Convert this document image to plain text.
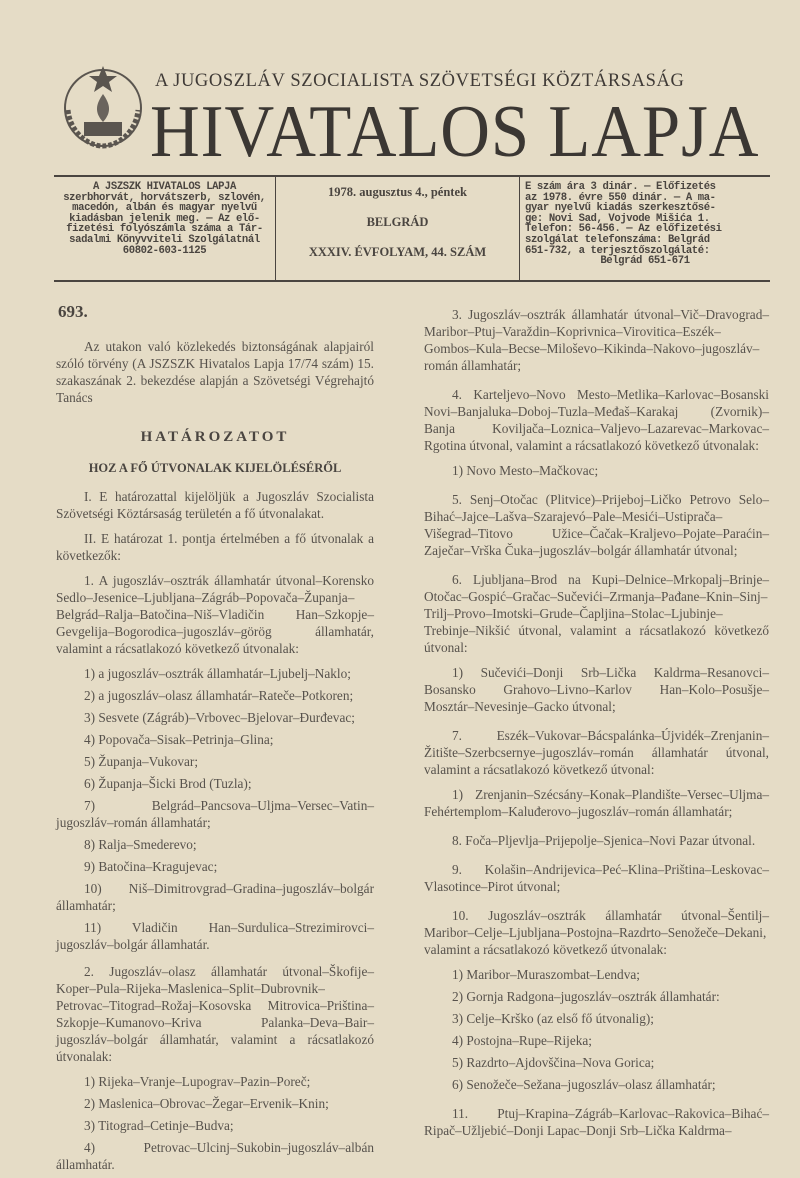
A JUGOSZLÁV SZOCIALISTA SZÖVETSÉGI KÖZTÁRSASÁG
HIVATALOS LAPJA
A JSZSZK HIVATALOS LAPJA
szerbhorvát, horvátszerb, szlovén,
macedón, albán és magyar nyelvű
kiadásban jelenik meg. — Az elő-
fizetési folyószámla száma a Tár-
sadalmi Könyvviteli Szolgálatnál
60802-603-1125
1978. augusztus 4., péntek
BELGRÁD
XXXIV. ÉVFOLYAM, 44. SZÁM
E szám ára 3 dinár. — Előfizetés
az 1978. évre 550 dinár. — A ma-
gyar nyelvű kiadás szerkesztősé-
ge: Novi Sad, Vojvode Mišića 1.
Telefon: 56-456. — Az előfizetési
szolgálat telefonszáma: Belgrád
651-732, a terjesztőszolgálaté:
Belgrád 651-671
693.

Az utakon való közlekedés biztonságának alapjairól szóló törvény (A JSZSZK Hivatalos Lapja 17/74 szám) 15. szakaszának 2. bekezdése alapján a Szövetségi Végrehajtó Tanács

HATÁROZATOT
HOZ A FŐ ÚTVONALAK KIJELÖLÉSÉRŐL

I. E határozattal kijelöljük a Jugoszláv Szocialista Szövetségi Köztársaság területén a fő útvonalakat.

II. E határozat 1. pontja értelmében a fő útvonalak a következők:

1. A jugoszláv–osztrák államhatár útvonal–Korensko Sedlo–Jesenice–Ljubljana–Zágráb–Popovača–Županja–Belgrád–Ralja–Batočina–Niš–Vladičin Han–Szkopje–Gevgelija–Bogorodica–jugoszláv–görög államhatár, valamint a rácsatlakozó következő útvonalak:

1) a jugoszláv–osztrák államhatár–Ljubelj–Naklo;

2) a jugoszláv–olasz államhatár–Rateče–Potkoren;

3) Sesvete (Zágráb)–Vrbovec–Bjelovar–Đurđevac;

4) Popovača–Sisak–Petrinja–Glina;

5) Županja–Vukovar;

6) Županja–Šicki Brod (Tuzla);

7) Belgrád–Pancsova–Uljma–Versec–Vatin–jugoszláv–román államhatár;

8) Ralja–Smederevo;

9) Batočina–Kragujevac;

10) Niš–Dimitrovgrad–Gradina–jugoszláv–bolgár államhatár;

11) Vladičin Han–Surdulica–Strezimirovci–jugoszláv–bolgár államhatár.

2. Jugoszláv–olasz államhatár útvonal–Škofije–Koper–Pula–Rijeka–Maslenica–Split–Dubrovnik–Petrovac–Titograd–Rožaj–Kosovska Mitrovica–Priština–Szkopje–Kumanovo–Kriva Palanka–Deva–Bair–jugoszláv–bolgár államhatár, valamint a rácsatlakozó útvonalak:

1) Rijeka–Vranje–Lupograv–Pazin–Poreč;

2) Maslenica–Obrovac–Žegar–Ervenik–Knin;

3) Titograd–Cetinje–Budva;

4) Petrovac–Ulcinj–Sukobin–jugoszláv–albán államhatár.

3. Jugoszláv–osztrák államhatár útvonal–Vič–Dravograd–Maribor–Ptuj–Varaždin–Koprivnica–Virovitica–Eszék–Gombos–Kula–Becse–Miloševo–Kikinda–Nakovo–jugoszláv–román államhatár;

4. Karteljevo–Novo Mesto–Metlika–Karlovac–Bosanski Novi–Banjaluka–Doboj–Tuzla–Međaš–Karakaj (Zvornik)–Banja Koviljača–Loznica–Valjevo–Lazarevac–Markovac–Rgotina útvonal, valamint a rácsatlakozó következő útvonalak:

1) Novo Mesto–Mačkovac;

5. Senj–Otočac (Plitvice)–Prijeboj–Ličko Petrovo Selo–Bihać–Jajce–Lašva–Szarajevó–Pale–Mesići–Ustiprača–Višegrad–Titovo Užice–Čačak–Kraljevo–Pojate–Paraćin–Zaječar–Vrška Čuka–jugoszláv–bolgár államhatár útvonal;

6. Ljubljana–Brod na Kupi–Delnice–Mrkopalj–Brinje–Otočac–Gospić–Gračac–Sučevići–Zrmanja–Pađane–Knin–Sinj–Trilj–Provo–Imotski–Grude–Čapljina–Stolac–Ljubinje–Trebinje–Nikšić útvonal, valamint a rácsatlakozó következő útvonal:

1) Sučevići–Donji Srb–Lička Kaldrma–Resanovci–Bosansko Grahovo–Livno–Karlov Han–Kolo–Posušje–Mosztár–Nevesinje–Gacko útvonal;

7. Eszék–Vukovar–Bácspalánka–Újvidék–Zrenjanin–Žitište–Szerbcsernye–jugoszláv–román államhatár útvonal, valamint a rácsatlakozó következő útvonal:

1) Zrenjanin–Szécsány–Konak–Plandište–Versec–Uljma–Fehértemplom–Kaluđerovo–jugoszláv–román államhatár;

8. Foča–Pljevlja–Prijepolje–Sjenica–Novi Pazar útvonal.

9. Kolašin–Andrijevica–Peć–Klina–Priština–Leskovac–Vlasotince–Pirot útvonal;

10. Jugoszláv–osztrák államhatár útvonal–Šentilj–Maribor–Celje–Ljubljana–Postojna–Razdrto–Senožeče–Dekani, valamint a rácsatlakozó következő útvonalak:

1) Maribor–Muraszombat–Lendva;

2) Gornja Radgona–jugoszláv–osztrák államhatár:

3) Celje–Krško (az első fő útvonalig);

4) Postojna–Rupe–Rijeka;

5) Razdrto–Ajdovščina–Nova Gorica;

6) Senožeče–Sežana–jugoszláv–olasz államhatár;

11. Ptuj–Krapina–Zágráb–Karlovac–Rakovica–Bihać–Ripač–Užljebić–Donji Lapac–Donji Srb–Lička Kaldrma–
